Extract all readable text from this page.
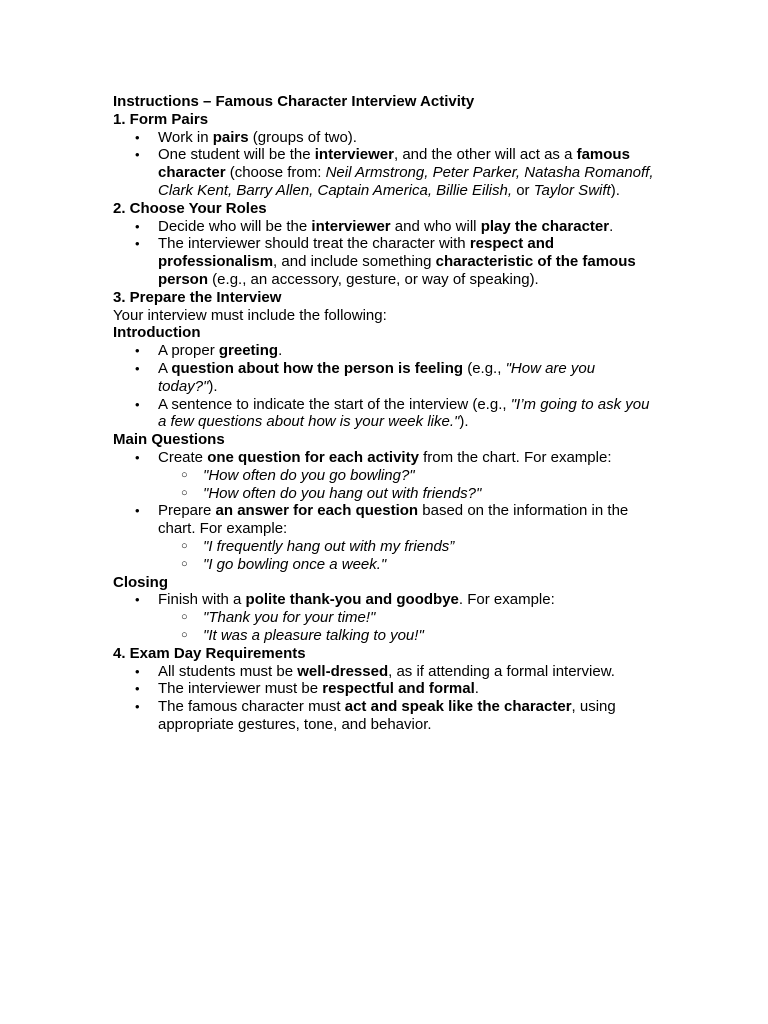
Instructions – Famous Character Interview Activity
1. Form Pairs
• Work in pairs (groups of two).
• One student will be the interviewer, and the other will act as a famous character (choose from: Neil Armstrong, Peter Parker, Natasha Romanoff, Clark Kent, Barry Allen, Captain America, Billie Eilish, or Taylor Swift).
2. Choose Your Roles
• Decide who will be the interviewer and who will play the character.
• The interviewer should treat the character with respect and professionalism, and include something characteristic of the famous person (e.g., an accessory, gesture, or way of speaking).
3. Prepare the Interview
Your interview must include the following:
Introduction
• A proper greeting.
• A question about how the person is feeling (e.g., "How are you today?").
• A sentence to indicate the start of the interview (e.g., "I’m going to ask you a few questions about how is your week like.").
Main Questions
• Create one question for each activity from the chart. For example:
○ "How often do you go bowling?"
○ "How often do you hang out with friends?"
• Prepare an answer for each question based on the information in the chart. For example:
○ "I frequently hang out with my friends”
○ "I go bowling once a week."
Closing
• Finish with a polite thank-you and goodbye. For example:
○ "Thank you for your time!"
○ "It was a pleasure talking to you!"
4. Exam Day Requirements
• All students must be well-dressed, as if attending a formal interview.
• The interviewer must be respectful and formal.
• The famous character must act and speak like the character, using appropriate gestures, tone, and behavior.
